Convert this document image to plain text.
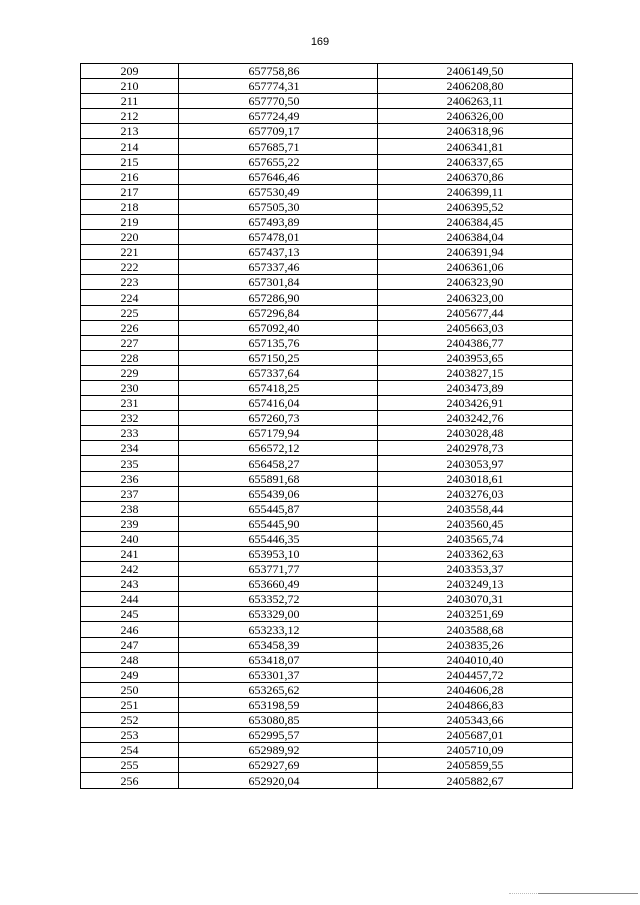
169
209	657758,86	2406149,50
210	657774,31	2406208,80
211	657770,50	2406263,11
212	657724,49	2406326,00
213	657709,17	2406318,96
214	657685,71	2406341,81
215	657655,22	2406337,65
216	657646,46	2406370,86
217	657530,49	2406399,11
218	657505,30	2406395,52
219	657493,89	2406384,45
220	657478,01	2406384,04
221	657437,13	2406391,94
222	657337,46	2406361,06
223	657301,84	2406323,90
224	657286,90	2406323,00
225	657296,84	2405677,44
226	657092,40	2405663,03
227	657135,76	2404386,77
228	657150,25	2403953,65
229	657337,64	2403827,15
230	657418,25	2403473,89
231	657416,04	2403426,91
232	657260,73	2403242,76
233	657179,94	2403028,48
234	656572,12	2402978,73
235	656458,27	2403053,97
236	655891,68	2403018,61
237	655439,06	2403276,03
238	655445,87	2403558,44
239	655445,90	2403560,45
240	655446,35	2403565,74
241	653953,10	2403362,63
242	653771,77	2403353,37
243	653660,49	2403249,13
244	653352,72	2403070,31
245	653329,00	2403251,69
246	653233,12	2403588,68
247	653458,39	2403835,26
248	653418,07	2404010,40
249	653301,37	2404457,72
250	653265,62	2404606,28
251	653198,59	2404866,83
252	653080,85	2405343,66
253	652995,57	2405687,01
254	652989,92	2405710,09
255	652927,69	2405859,55
256	652920,04	2405882,67
